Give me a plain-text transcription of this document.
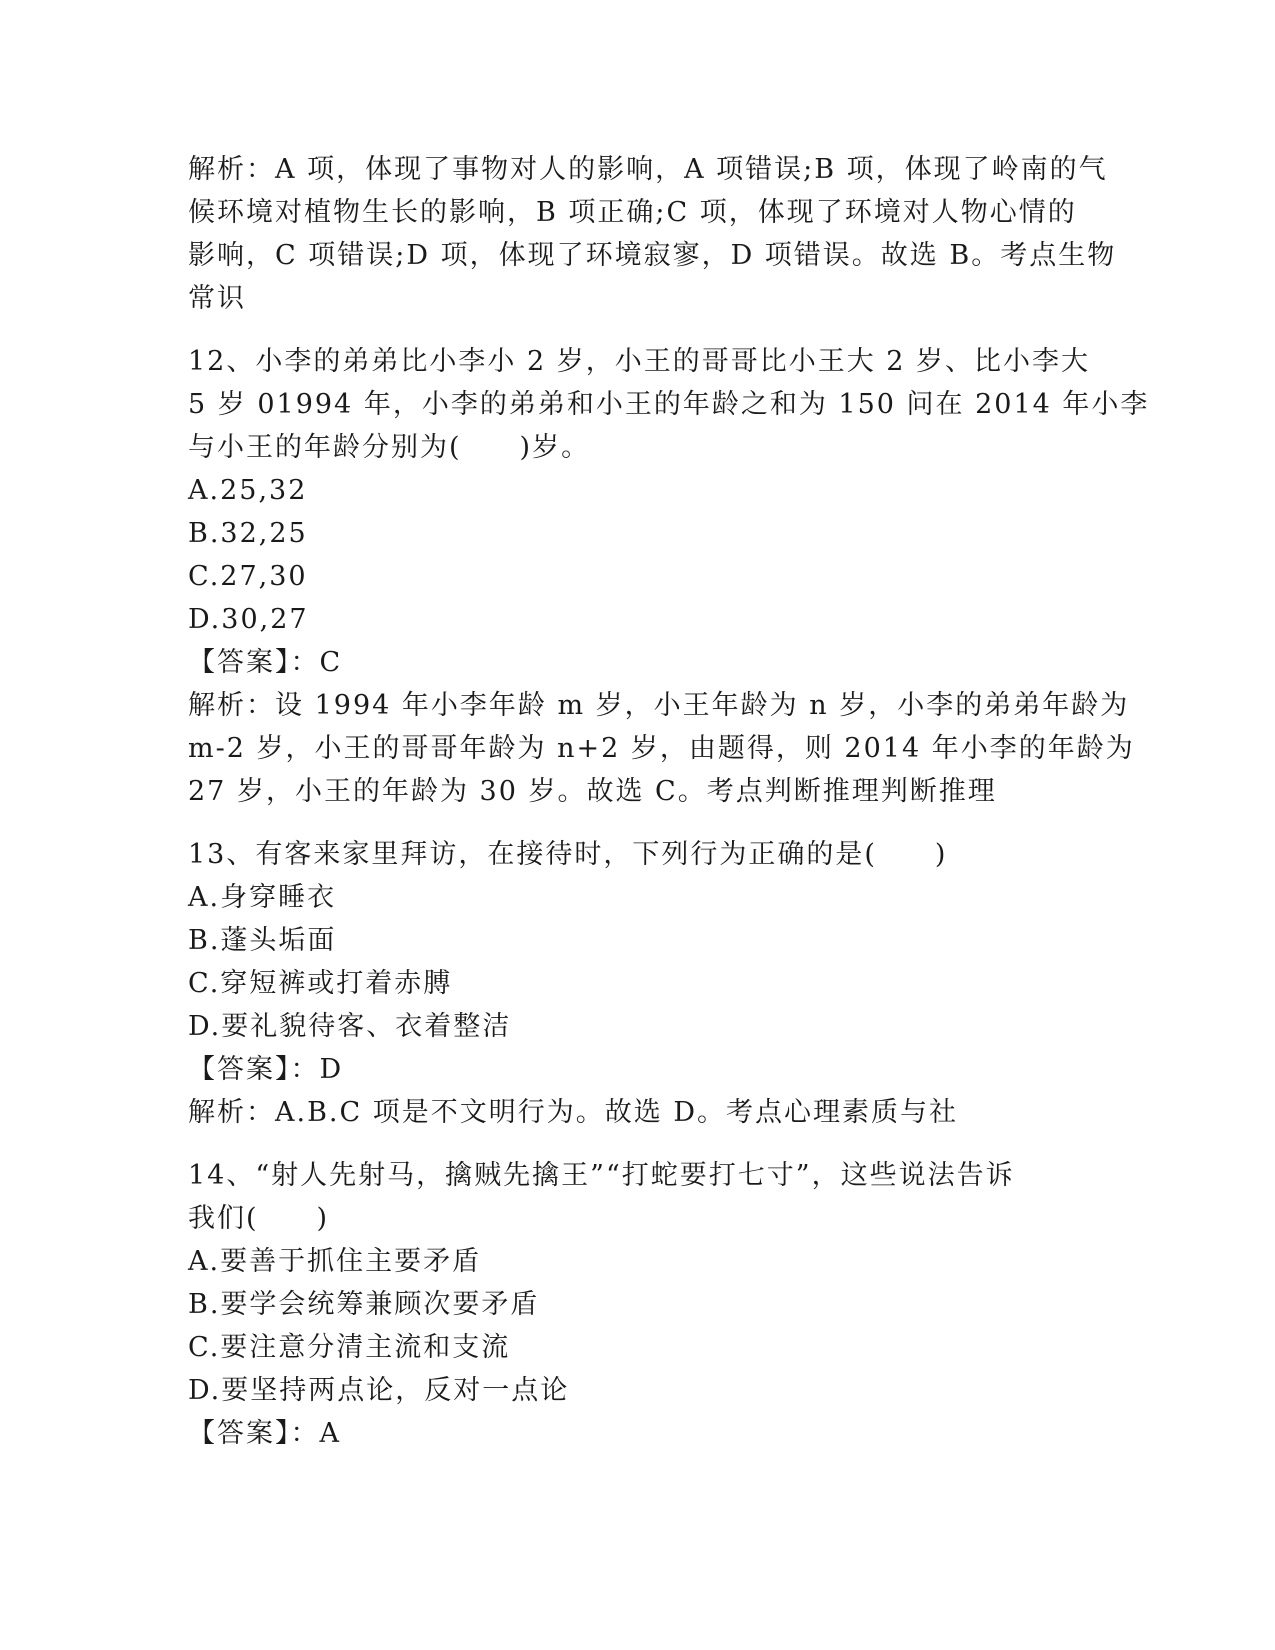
解析：A 项，体现了事物对人的影响，A 项错误;B 项，体现了岭南的气
候环境对植物生长的影响，B 项正确;C 项，体现了环境对人物心情的
影响，C 项错误;D 项，体现了环境寂寥，D 项错误。故选 B。考点生物
常识
12、小李的弟弟比小李小 2 岁，小王的哥哥比小王大 2 岁、比小李大
5 岁 01994 年，小李的弟弟和小王的年龄之和为 150 问在 2014 年小李
与小王的年龄分别为(　　)岁。
A.25,32
B.32,25
C.27,30
D.30,27
【答案】：C
解析：设 1994 年小李年龄 m 岁，小王年龄为 n 岁，小李的弟弟年龄为
m-2 岁，小王的哥哥年龄为 n+2 岁，由题得，则 2014 年小李的年龄为
27 岁，小王的年龄为 30 岁。故选 C。考点判断推理判断推理
13、有客来家里拜访，在接待时，下列行为正确的是(　　)
A.身穿睡衣
B.蓬头垢面
C.穿短裤或打着赤膊
D.要礼貌待客、衣着整洁
【答案】：D
解析：A.B.C 项是不文明行为。故选 D。考点心理素质与社
14、“射人先射马，擒贼先擒王”“打蛇要打七寸”，这些说法告诉
我们(　　)
A.要善于抓住主要矛盾
B.要学会统筹兼顾次要矛盾
C.要注意分清主流和支流
D.要坚持两点论，反对一点论
【答案】：A
